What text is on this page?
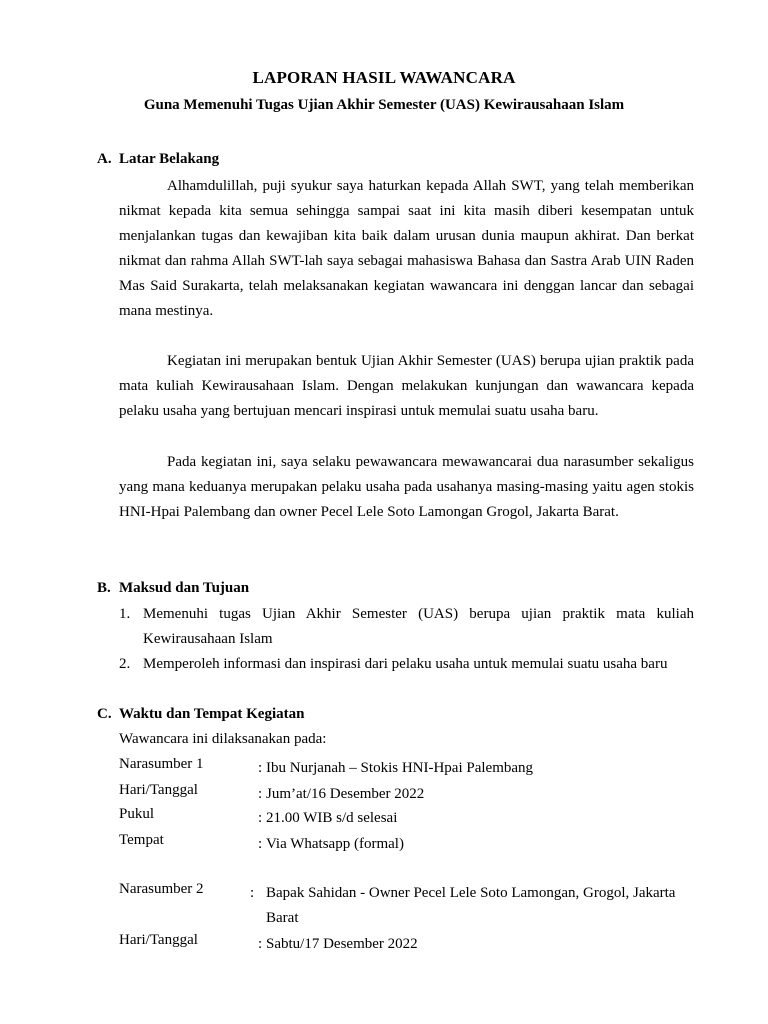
LAPORAN HASIL WAWANCARA
Guna Memenuhi Tugas Ujian Akhir Semester (UAS) Kewirausahaan Islam
A. Latar Belakang
Alhamdulillah, puji syukur saya haturkan kepada Allah SWT, yang telah memberikan nikmat kepada kita semua sehingga sampai saat ini kita masih diberi kesempatan untuk menjalankan tugas dan kewajiban kita baik dalam urusan dunia maupun akhirat. Dan berkat nikmat dan rahma Allah SWT-lah saya sebagai mahasiswa Bahasa dan Sastra Arab UIN Raden Mas Said Surakarta, telah melaksanakan kegiatan wawancara ini denggan lancar dan sebagai mana mestinya.
Kegiatan ini merupakan bentuk Ujian Akhir Semester (UAS) berupa ujian praktik pada mata kuliah Kewirausahaan Islam. Dengan melakukan kunjungan dan wawancara kepada pelaku usaha yang bertujuan mencari inspirasi untuk memulai suatu usaha baru.
Pada kegiatan ini, saya selaku pewawancara mewawancarai dua narasumber sekaligus yang mana keduanya merupakan pelaku usaha pada usahanya masing-masing yaitu agen stokis HNI-Hpai Palembang dan owner Pecel Lele Soto Lamongan Grogol, Jakarta Barat.
B. Maksud dan Tujuan
1. Memenuhi tugas Ujian Akhir Semester (UAS) berupa ujian praktik mata kuliah Kewirausahaan Islam
2. Memperoleh informasi dan inspirasi dari pelaku usaha untuk memulai suatu usaha baru
C. Waktu dan Tempat Kegiatan
Wawancara ini dilaksanakan pada:
Narasumber 1	: Ibu Nurjanah – Stokis HNI-Hpai Palembang
Hari/Tanggal	: Jum’at/16 Desember 2022
Pukul	: 21.00 WIB s/d selesai
Tempat	: Via Whatsapp (formal)
Narasumber 2	: Bapak Sahidan - Owner Pecel Lele Soto Lamongan, Grogol, Jakarta Barat
Hari/Tanggal	: Sabtu/17 Desember 2022
